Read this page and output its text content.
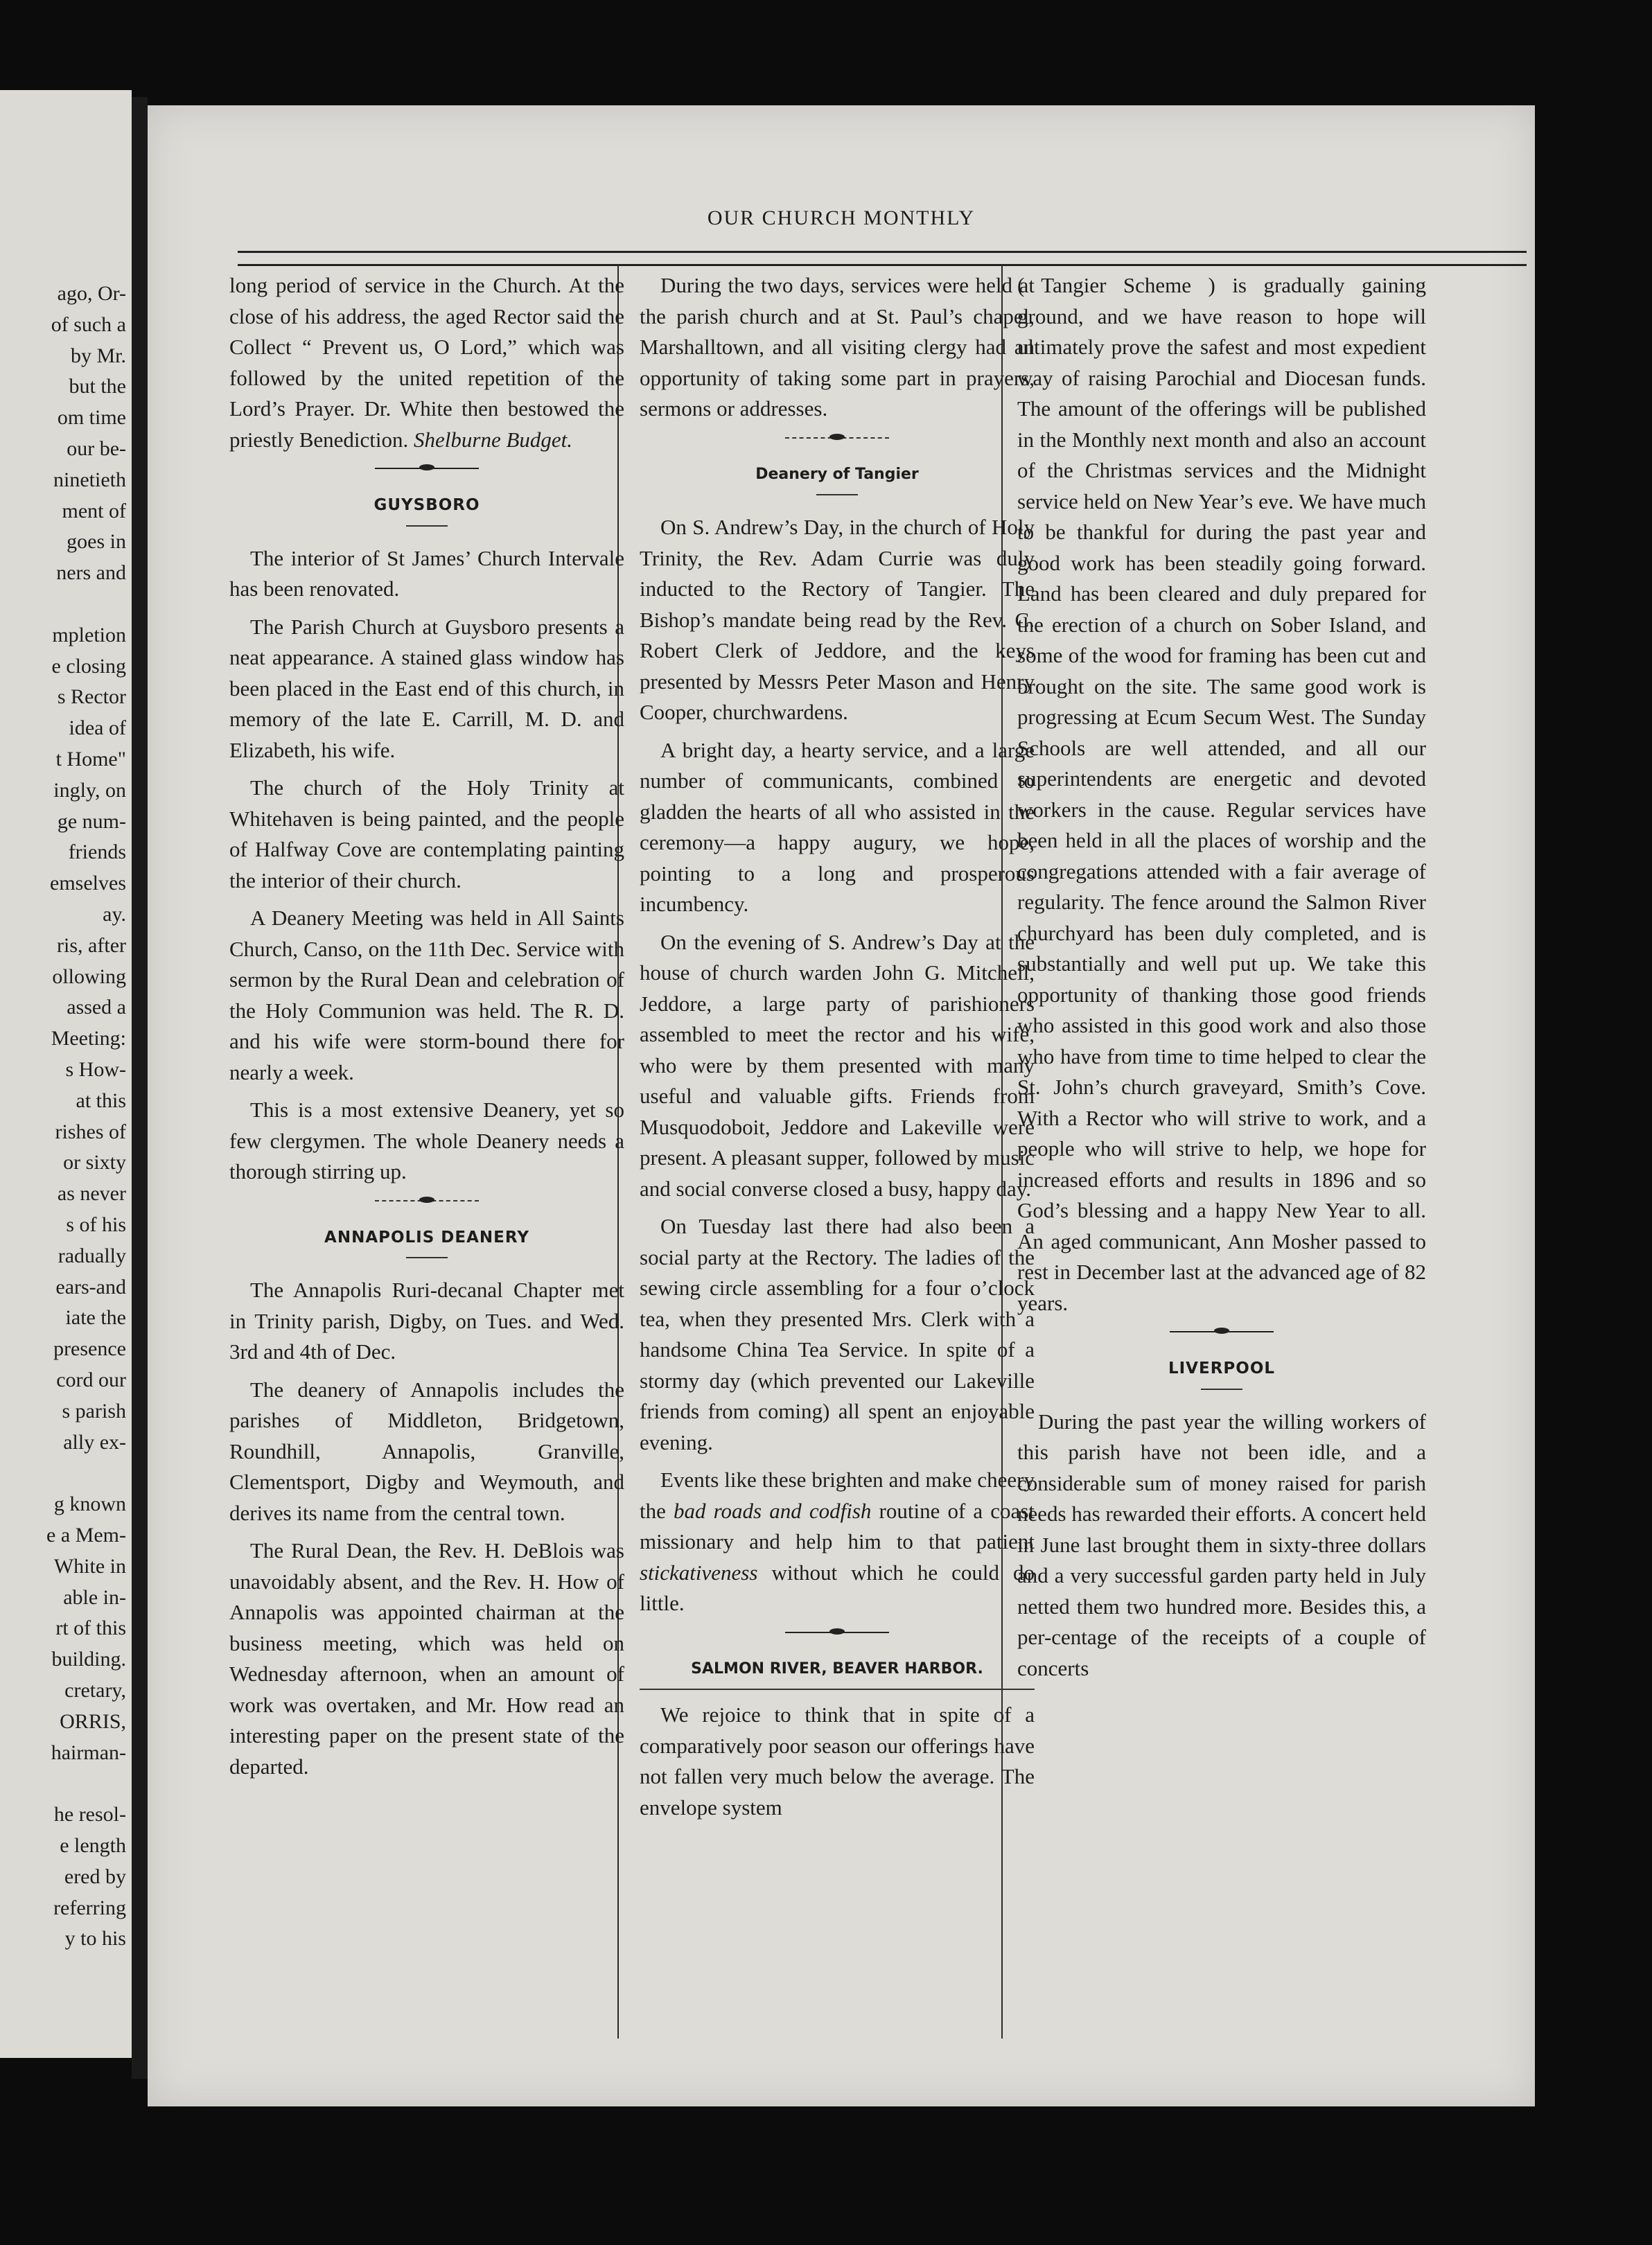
ago, Or-
of such a
by Mr.
but the
om time
our be-
ninetieth
ment of
goes in
ners and
mpletion
e closing
s Rector
idea of
t Home"
ingly, on
ge num-
friends
emselves
ay.
ris, after
ollowing
assed a
Meeting:
s How-
at this
rishes of
or sixty
as never
s of his
radually
ears-and
iate the
presence
cord our
s parish
ally ex-
g known
e a Mem-
White in
able in-
rt of this
building.
cretary,
ORRIS,
hairman-
he resol-
e length
ered by
referring
y to his
OUR CHURCH MONTHLY

long period of service in the Church. At the close of his address, the aged Rector said the Collect “ Prevent us, O Lord,” which was followed by the united repetition of the Lord’s Prayer. Dr. White then bestowed the priestly Benediction. Shelburne Budget.

GUYSBORO

The interior of St James’ Church Intervale has been renovated.

The Parish Church at Guysboro presents a neat appearance. A stained glass window has been placed in the East end of this church, in memory of the late E. Carrill, M. D. and Elizabeth, his wife.

The church of the Holy Trinity at Whitehaven is being painted, and the people of Halfway Cove are contemplating painting the interior of their church.

A Deanery Meeting was held in All Saints Church, Canso, on the 11th Dec. Service with sermon by the Rural Dean and celebration of the Holy Communion was held. The R. D. and his wife were storm-bound there for nearly a week.

This is a most extensive Deanery, yet so few clergymen. The whole Deanery needs a thorough stirring up.

ANNAPOLIS DEANERY

The Annapolis Ruri-decanal Chapter met in Trinity parish, Digby, on Tues. and Wed. 3rd and 4th of Dec.

The deanery of Annapolis includes the parishes of Middleton, Bridgetown, Roundhill, Annapolis, Granville, Clementsport, Digby and Weymouth, and derives its name from the central town.

The Rural Dean, the Rev. H. DeBlois was unavoidably absent, and the Rev. H. How of Annapolis was appointed chairman at the business meeting, which was held on Wednesday afternoon, when an amount of work was overtaken, and Mr. How read an interesting paper on the present state of the departed.

During the two days, services were held at the parish church and at St. Paul’s chapel, Marshalltown, and all visiting clergy had an opportunity of taking some part in prayers, sermons or addresses.

Deanery of Tangier

On S. Andrew’s Day, in the church of Holy Trinity, the Rev. Adam Currie was duly inducted to the Rectory of Tangier. The Bishop’s mandate being read by the Rev. C. Robert Clerk of Jeddore, and the keys presented by Messrs Peter Mason and Henry Cooper, churchwardens.

A bright day, a hearty service, and a large number of communicants, combined to gladden the hearts of all who assisted in the ceremony—a happy augury, we hope, pointing to a long and prosperous incumbency.

On the evening of S. Andrew’s Day at the house of church warden John G. Mitchell, Jeddore, a large party of parishioners assembled to meet the rector and his wife, who were by them presented with many useful and valuable gifts. Friends from Musquodoboit, Jeddore and Lakeville were present. A pleasant supper, followed by music and social converse closed a busy, happy day.

On Tuesday last there had also been a social party at the Rectory. The ladies of the sewing circle assembling for a four o’clock tea, when they presented Mrs. Clerk with a handsome China Tea Service. In spite of a stormy day (which prevented our Lakeville friends from coming) all spent an enjoyable evening.

Events like these brighten and make cheery the bad roads and codfish routine of a coast missionary and help him to that patient stickativeness without which he could do little.

SALMON RIVER, BEAVER HARBOR.

We rejoice to think that in spite of a comparatively poor season our offerings have not fallen very much below the average. The envelope system

( Tangier Scheme ) is gradually gaining ground, and we have reason to hope will ultimately prove the safest and most expedient way of raising Parochial and Diocesan funds. The amount of the offerings will be published in the Monthly next month and also an account of the Christmas services and the Midnight service held on New Year’s eve. We have much to be thankful for during the past year and good work has been steadily going forward. Land has been cleared and duly prepared for the erection of a church on Sober Island, and some of the wood for framing has been cut and brought on the site. The same good work is progressing at Ecum Secum West. The Sunday Schools are well attended, and all our superintendents are energetic and devoted workers in the cause. Regular services have been held in all the places of worship and the congregations attended with a fair average of regularity. The fence around the Salmon River churchyard has been duly completed, and is substantially and well put up. We take this opportunity of thanking those good friends who assisted in this good work and also those who have from time to time helped to clear the St. John’s church graveyard, Smith’s Cove. With a Rector who will strive to work, and a people who will strive to help, we hope for increased efforts and results in 1896 and so God’s blessing and a happy New Year to all. An aged communicant, Ann Mosher passed to rest in December last at the advanced age of 82 years.

LIVERPOOL

During the past year the willing workers of this parish have not been idle, and a considerable sum of money raised for parish needs has rewarded their efforts. A concert held in June last brought them in sixty-three dollars and a very successful garden party held in July netted them two hundred more. Besides this, a per-centage of the receipts of a couple of concerts
